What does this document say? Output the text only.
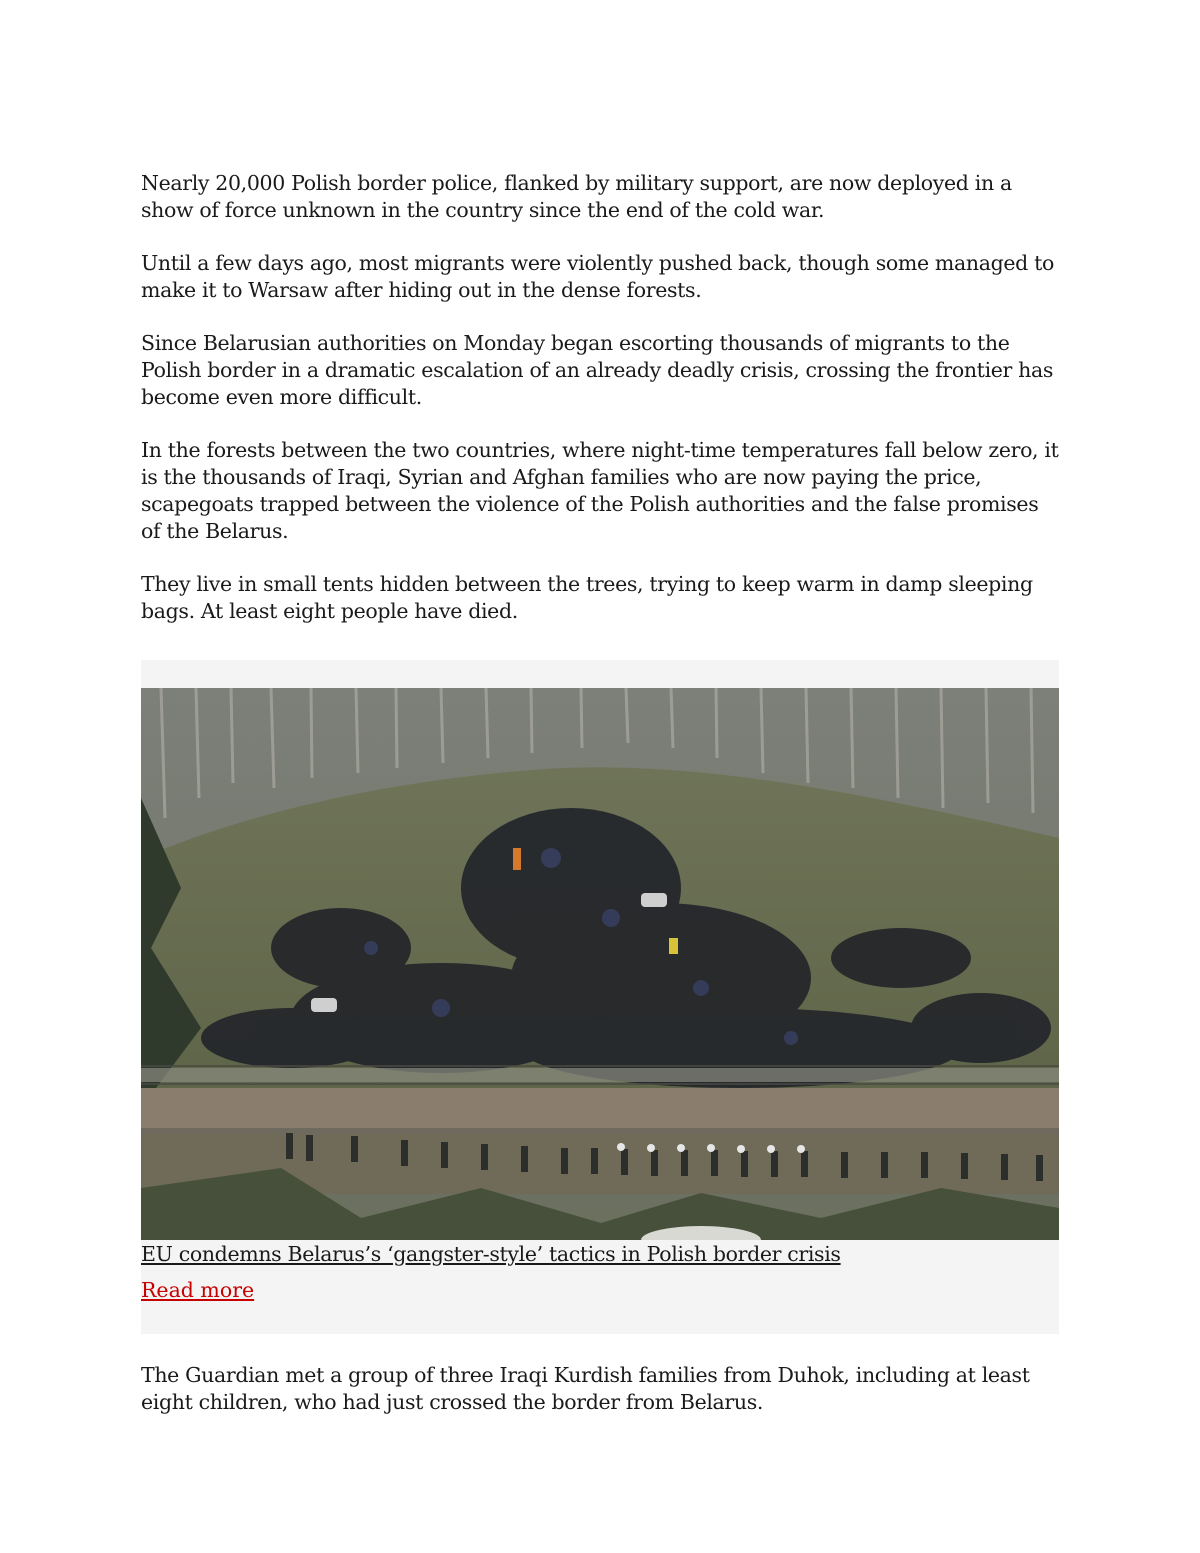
Nearly 20,000 Polish border police, flanked by military support, are now deployed in a show of force unknown in the country since the end of the cold war.

Until a few days ago, most migrants were violently pushed back, though some managed to make it to Warsaw after hiding out in the dense forests.

Since Belarusian authorities on Monday began escorting thousands of migrants to the Polish border in a dramatic escalation of an already deadly crisis, crossing the frontier has become even more difficult.

In the forests between the two countries, where night-time temperatures fall below zero, it is the thousands of Iraqi, Syrian and Afghan families who are now paying the price, scapegoats trapped between the violence of the Polish authorities and the false promises of the Belarus.

They live in small tents hidden between the trees, trying to keep warm in damp sleeping bags. At least eight people have died.

EU condemns Belarus’s ‘gangster-style’ tactics in Polish border crisis
Read more

The Guardian met a group of three Iraqi Kurdish families from Duhok, including at least eight children, who had just crossed the border from Belarus.
